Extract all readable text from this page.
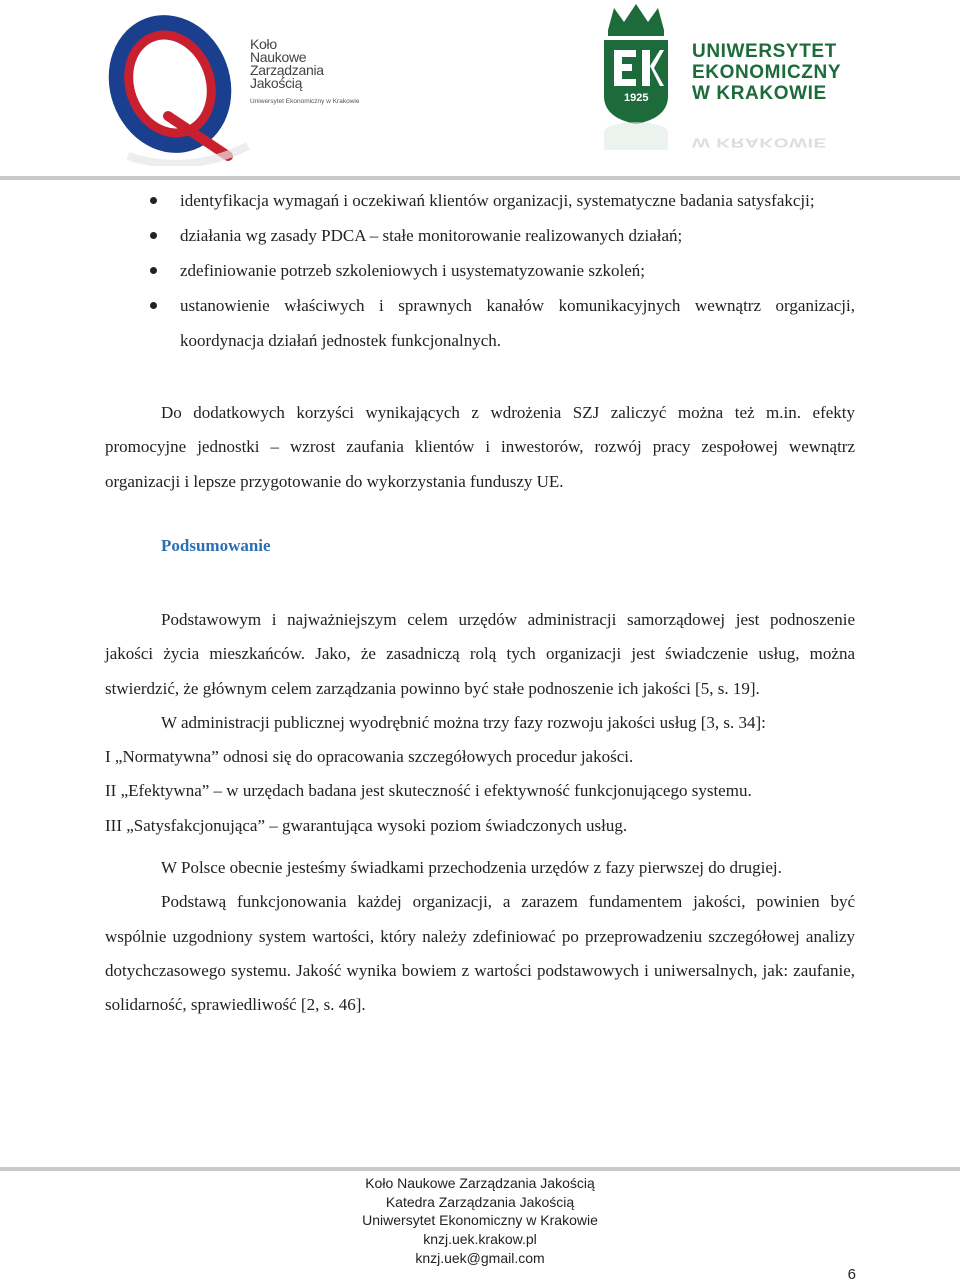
Koło
Naukowe
Zarządzania
Jakością
Uniwersytet Ekonomiczny w Krakowie	1925
UNIWERSYTET
EKONOMICZNY
W KRAKOWIE
W KRAKOWIE
identyfikacja wymagań i oczekiwań klientów organizacji, systematyczne badania satysfakcji;
działania wg zasady PDCA – stałe monitorowanie realizowanych działań;
zdefiniowanie potrzeb szkoleniowych i usystematyzowanie szkoleń;
ustanowienie właściwych i sprawnych kanałów komunikacyjnych wewnątrz organizacji, koordynacja działań jednostek funkcjonalnych.

Do dodatkowych korzyści wynikających z wdrożenia SZJ zaliczyć można też m.in. efekty promocyjne jednostki – wzrost zaufania klientów i inwestorów, rozwój pracy zespołowej wewnątrz organizacji i lepsze przygotowanie do wykorzystania funduszy UE.

Podsumowanie

Podstawowym i najważniejszym celem urzędów administracji samorządowej jest podnoszenie jakości życia mieszkańców. Jako, że zasadniczą rolą tych organizacji jest świadczenie usług, można stwierdzić, że głównym celem zarządzania powinno być stałe podnoszenie ich jakości [5, s. 19].

W administracji publicznej wyodrębnić można trzy fazy rozwoju jakości usług [3, s. 34]:

I „Normatywna” odnosi się do opracowania szczegółowych procedur jakości.

II „Efektywna” – w urzędach badana jest skuteczność i efektywność funkcjonującego systemu.

III „Satysfakcjonująca” – gwarantująca wysoki poziom świadczonych usług.

W Polsce obecnie jesteśmy świadkami przechodzenia urzędów z fazy pierwszej do drugiej.

Podstawą funkcjonowania każdej organizacji, a zarazem fundamentem jakości, powinien być wspólnie uzgodniony system wartości, który należy zdefiniować po przeprowadzeniu szczegółowej analizy dotychczasowego systemu. Jakość wynika bowiem z wartości podstawowych i uniwersalnych, jak: zaufanie, solidarność, sprawiedliwość [2, s. 46].

Koło Naukowe Zarządzania Jakością
Katedra Zarządzania Jakością
Uniwersytet Ekonomiczny w Krakowie
knzj.uek.krakow.pl
knzj.uek@gmail.com
6
